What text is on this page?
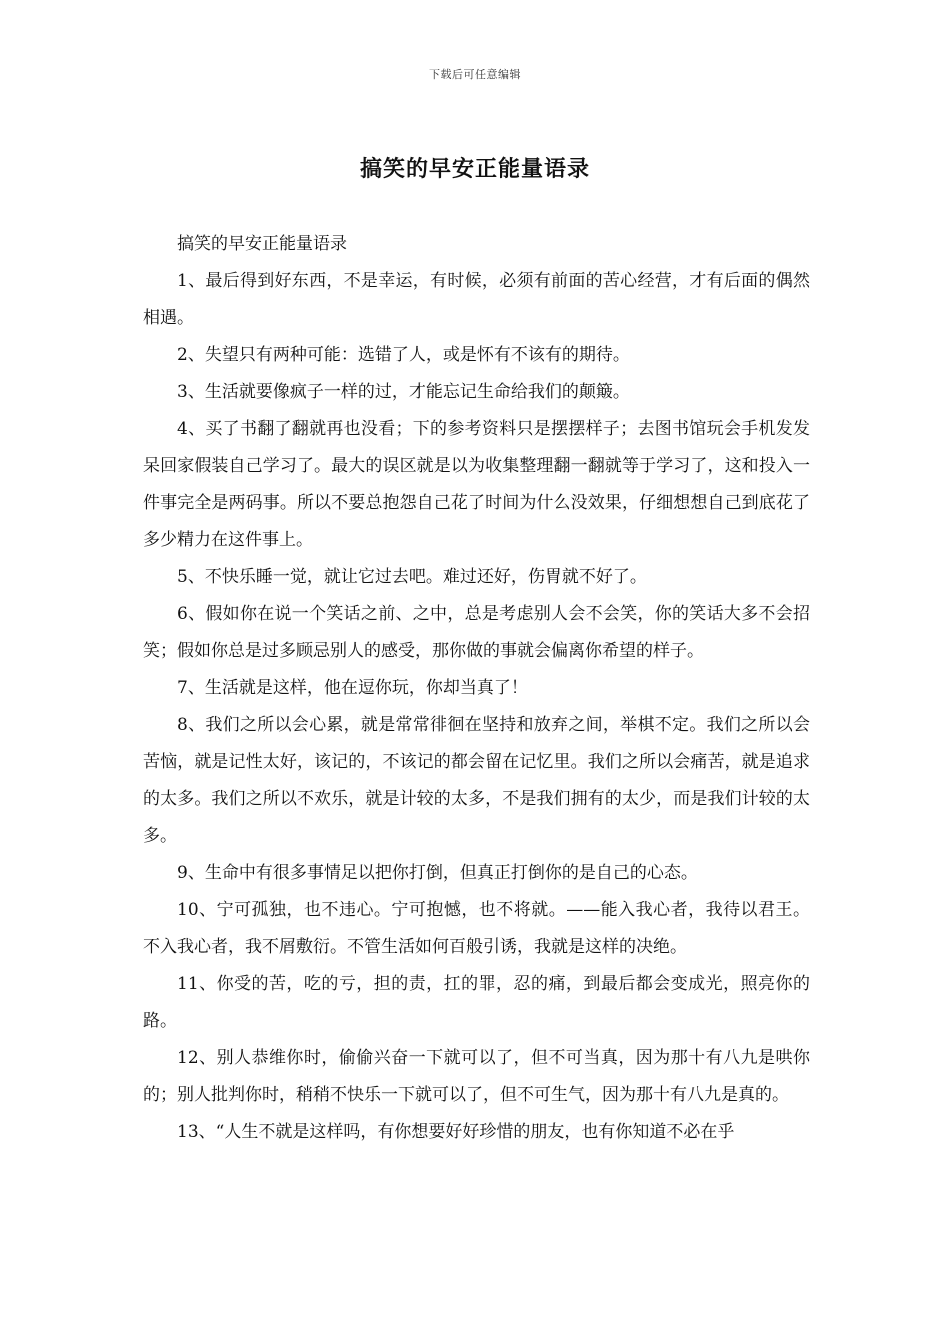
下载后可任意编辑
搞笑的早安正能量语录

搞笑的早安正能量语录

1、最后得到好东西，不是幸运，有时候，必须有前面的苦心经营，才有后面的偶然相遇。

2、失望只有两种可能：选错了人，或是怀有不该有的期待。

3、生活就要像疯子一样的过，才能忘记生命给我们的颠簸。

4、买了书翻了翻就再也没看；下的参考资料只是摆摆样子；去图书馆玩会手机发发呆回家假装自己学习了。最大的误区就是以为收集整理翻一翻就等于学习了，这和投入一件事完全是两码事。所以不要总抱怨自己花了时间为什么没效果，仔细想想自己到底花了多少精力在这件事上。

5、不快乐睡一觉，就让它过去吧。难过还好，伤胃就不好了。

6、假如你在说一个笑话之前、之中，总是考虑别人会不会笑，你的笑话大多不会招笑；假如你总是过多顾忌别人的感受，那你做的事就会偏离你希望的样子。

7、生活就是这样，他在逗你玩，你却当真了！

8、我们之所以会心累，就是常常徘徊在坚持和放弃之间，举棋不定。我们之所以会苦恼，就是记性太好，该记的，不该记的都会留在记忆里。我们之所以会痛苦，就是追求的太多。我们之所以不欢乐，就是计较的太多，不是我们拥有的太少，而是我们计较的太多。

9、生命中有很多事情足以把你打倒，但真正打倒你的是自己的心态。

10、宁可孤独，也不违心。宁可抱憾，也不将就。——能入我心者，我待以君王。不入我心者，我不屑敷衍。不管生活如何百般引诱，我就是这样的决绝。

11、你受的苦，吃的亏，担的责，扛的罪，忍的痛，到最后都会变成光，照亮你的路。

12、别人恭维你时，偷偷兴奋一下就可以了，但不可当真，因为那十有八九是哄你的；别人批判你时，稍稍不快乐一下就可以了，但不可生气，因为那十有八九是真的。

13、“人生不就是这样吗，有你想要好好珍惜的朋友，也有你知道不必在乎
